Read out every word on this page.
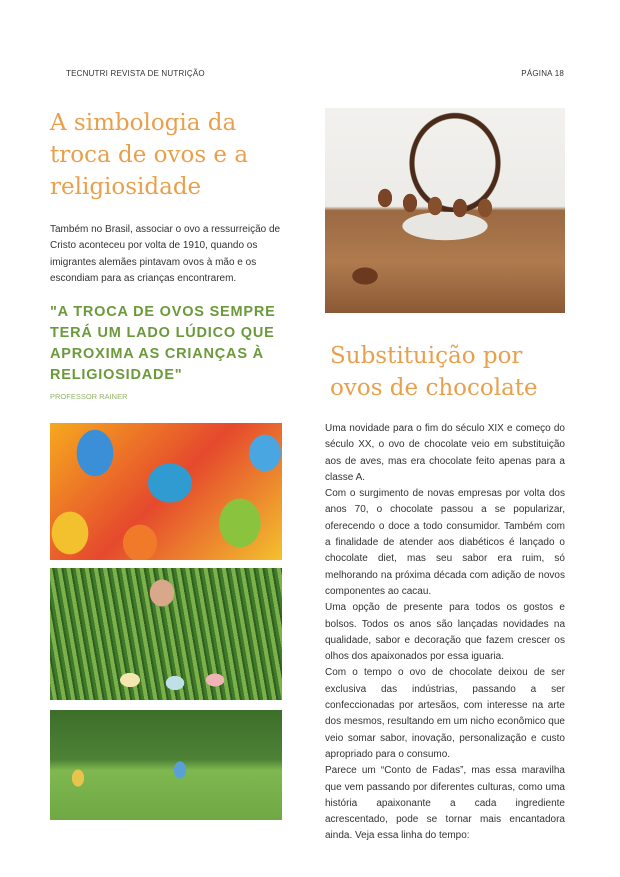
TECNUTRI REVISTA DE NUTRIÇÃO	PÁGINA 18
A simbologia da troca de ovos e a religiosidade

Também no Brasil, associar o ovo a ressurreição de Cristo aconteceu por volta de 1910, quando os imigrantes alemães pintavam ovos à mão e os escondiam para as crianças encontrarem.

"A TROCA DE OVOS SEMPRE TERÁ UM LADO LÚDICO QUE APROXIMA AS CRIANÇAS À RELIGIOSIDADE"

PROFESSOR RAINER
Substituição por ovos de chocolate

Uma novidade para o fim do século XIX e começo do século XX, o ovo de chocolate veio em substituição aos de aves, mas era chocolate feito apenas para a classe A.

Com o surgimento de novas empresas por volta dos anos 70, o chocolate passou a se popularizar, oferecendo o doce a todo consumidor. Também com a finalidade de atender aos diabéticos é lançado o chocolate diet, mas seu sabor era ruim, só melhorando na próxima década com adição de novos componentes ao cacau.

Uma opção de presente para todos os gostos e bolsos. Todos os anos são lançadas novidades na qualidade, sabor e decoração que fazem crescer os olhos dos apaixonados por essa iguaria.

Com o tempo o ovo de chocolate deixou de ser exclusiva das indústrias, passando a ser confeccionadas por artesãos, com interesse na arte dos mesmos, resultando em um nicho econômico que veio somar sabor, inovação, personalização e custo apropriado para o consumo.

Parece um “Conto de Fadas”, mas essa maravilha que vem passando por diferentes culturas, como uma história apaixonante a cada ingrediente acrescentado, pode se tornar mais encantadora ainda. Veja essa linha do tempo:
